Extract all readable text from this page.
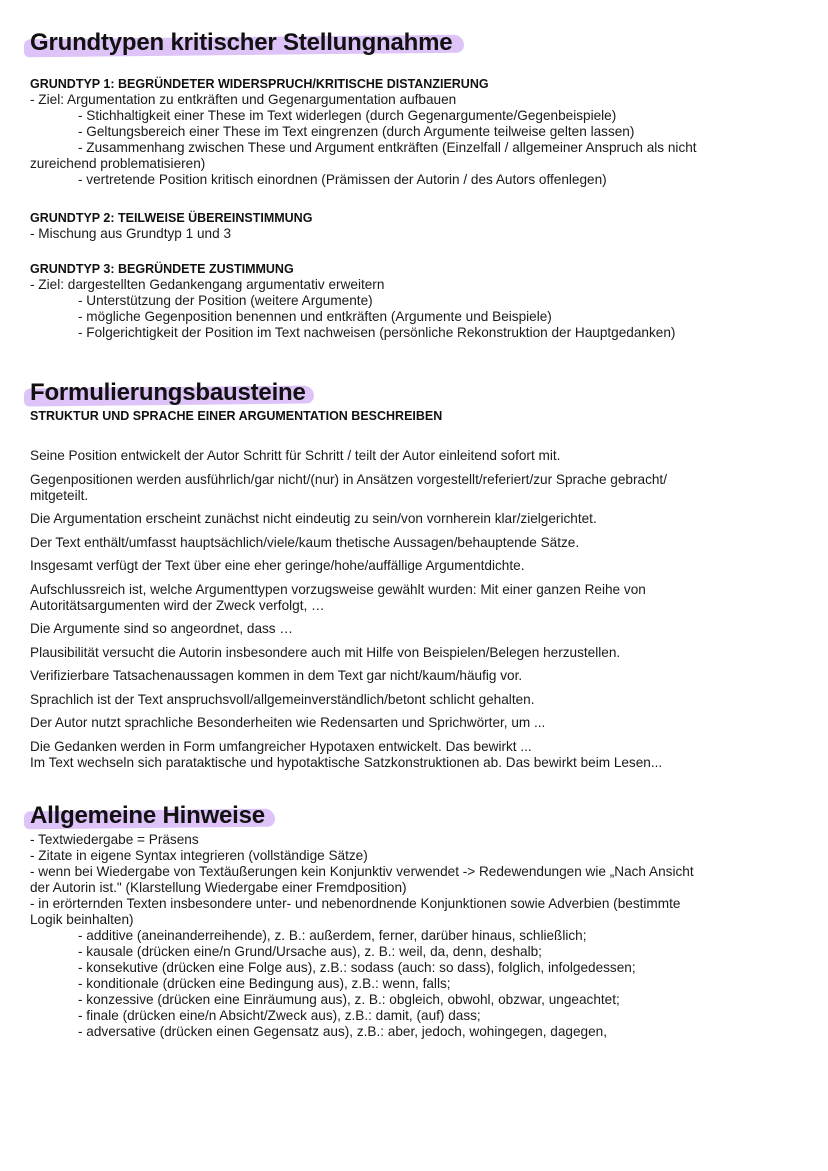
Grundtypen kritischer Stellungnahme

GRUNDTYP 1: BEGRÜNDETER WIDERSPRUCH/KRITISCHE DISTANZIERUNG

- Ziel: Argumentation zu entkräften und Gegenargumentation aufbauen

- Stichhaltigkeit einer These im Text widerlegen (durch Gegenargumente/Gegenbeispiele)

- Geltungsbereich einer These im Text eingrenzen (durch Argumente teilweise gelten lassen)

- Zusammenhang zwischen These und Argument entkräften (Einzelfall / allgemeiner Anspruch als nicht

zureichend problematisieren)

- vertretende Position kritisch einordnen (Prämissen der Autorin / des Autors offenlegen)

GRUNDTYP 2: TEILWEISE ÜBEREINSTIMMUNG

- Mischung aus Grundtyp 1 und 3

GRUNDTYP 3: BEGRÜNDETE ZUSTIMMUNG

- Ziel: dargestellten Gedankengang argumentativ erweitern

- Unterstützung der Position (weitere Argumente)

- mögliche Gegenposition benennen und entkräften (Argumente und Beispiele)

- Folgerichtigkeit der Position im Text nachweisen (persönliche Rekonstruktion der Hauptgedanken)

Formulierungsbausteine

STRUKTUR UND SPRACHE EINER ARGUMENTATION BESCHREIBEN

Seine Position entwickelt der Autor Schritt für Schritt / teilt der Autor einleitend sofort mit.
Gegenpositionen werden ausführlich/gar nicht/(nur) in Ansätzen vorgestellt/referiert/zur Sprache gebracht/
mitgeteilt.
Die Argumentation erscheint zunächst nicht eindeutig zu sein/von vornherein klar/zielgerichtet.
Der Text enthält/umfasst hauptsächlich/viele/kaum thetische Aussagen/behauptende Sätze.
Insgesamt verfügt der Text über eine eher geringe/hohe/auffällige Argumentdichte.
Aufschlussreich ist, welche Argumenttypen vorzugsweise gewählt wurden: Mit einer ganzen Reihe von
Autoritätsargumenten wird der Zweck verfolgt, …
Die Argumente sind so angeordnet, dass …
Plausibilität versucht die Autorin insbesondere auch mit Hilfe von Beispielen/Belegen herzustellen.
Verifizierbare Tatsachenaussagen kommen in dem Text gar nicht/kaum/häufig vor.
Sprachlich ist der Text anspruchsvoll/allgemeinverständlich/betont schlicht gehalten.
Der Autor nutzt sprachliche Besonderheiten wie Redensarten und Sprichwörter, um ...
Die Gedanken werden in Form umfangreicher Hypotaxen entwickelt. Das bewirkt ...
Im Text wechseln sich parataktische und hypotaktische Satzkonstruktionen ab. Das bewirkt beim Lesen...
Allgemeine Hinweise

- Textwiedergabe = Präsens

- Zitate in eigene Syntax integrieren (vollständige Sätze)

- wenn bei Wiedergabe von Textäußerungen kein Konjunktiv verwendet -> Redewendungen wie „Nach Ansicht

der Autorin ist." (Klarstellung Wiedergabe einer Fremdposition)

- in erörternden Texten insbesondere unter- und nebenordnende Konjunktionen sowie Adverbien (bestimmte

Logik beinhalten)

- additive (aneinanderreihende), z. B.: außerdem, ferner, darüber hinaus, schließlich;

- kausale (drücken eine/n Grund/Ursache aus), z. B.: weil, da, denn, deshalb;

- konsekutive (drücken eine Folge aus), z.B.: sodass (auch: so dass), folglich, infolgedessen;

- konditionale (drücken eine Bedingung aus), z.B.: wenn, falls;

- konzessive (drücken eine Einräumung aus), z. B.: obgleich, obwohl, obzwar, ungeachtet;

- finale (drücken eine/n Absicht/Zweck aus), z.B.: damit, (auf) dass;

- adversative (drücken einen Gegensatz aus), z.B.: aber, jedoch, wohingegen, dagegen,
